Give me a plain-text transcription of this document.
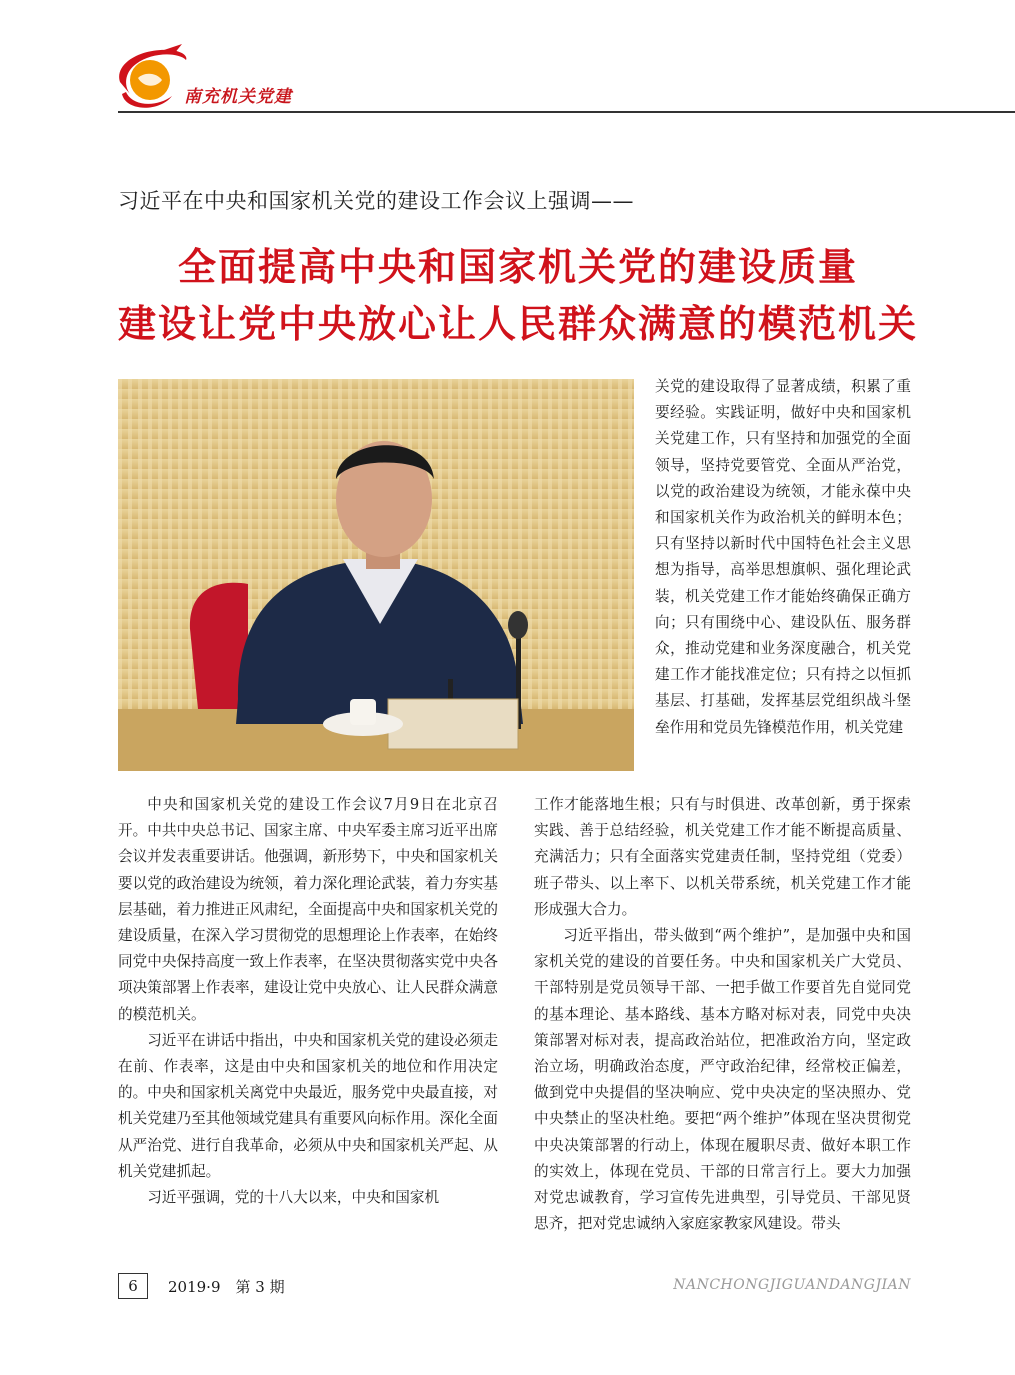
南充机关党建
习近平在中央和国家机关党的建设工作会议上强调——
全面提高中央和国家机关党的建设质量
建设让党中央放心让人民群众满意的模范机关

关党的建设取得了显著成绩，积累了重要经验。实践证明，做好中央和国家机关党建工作，只有坚持和加强党的全面领导，坚持党要管党、全面从严治党，以党的政治建设为统领，才能永葆中央和国家机关作为政治机关的鲜明本色；只有坚持以新时代中国特色社会主义思想为指导，高举思想旗帜、强化理论武装，机关党建工作才能始终确保正确方向；只有围绕中心、建设队伍、服务群众，推动党建和业务深度融合，机关党建工作才能找准定位；只有持之以恒抓基层、打基础，发挥基层党组织战斗堡垒作用和党员先锋模范作用，机关党建

中央和国家机关党的建设工作会议7月9日在北京召开。中共中央总书记、国家主席、中央军委主席习近平出席会议并发表重要讲话。他强调，新形势下，中央和国家机关要以党的政治建设为统领，着力深化理论武装，着力夯实基层基础，着力推进正风肃纪，全面提高中央和国家机关党的建设质量，在深入学习贯彻党的思想理论上作表率，在始终同党中央保持高度一致上作表率，在坚决贯彻落实党中央各项决策部署上作表率，建设让党中央放心、让人民群众满意的模范机关。

习近平在讲话中指出，中央和国家机关党的建设必须走在前、作表率，这是由中央和国家机关的地位和作用决定的。中央和国家机关离党中央最近，服务党中央最直接，对机关党建乃至其他领域党建具有重要风向标作用。深化全面从严治党、进行自我革命，必须从中央和国家机关严起、从机关党建抓起。

习近平强调，党的十八大以来，中央和国家机

工作才能落地生根；只有与时俱进、改革创新，勇于探索实践、善于总结经验，机关党建工作才能不断提高质量、充满活力；只有全面落实党建责任制，坚持党组（党委）班子带头、以上率下、以机关带系统，机关党建工作才能形成强大合力。

习近平指出，带头做到“两个维护”，是加强中央和国家机关党的建设的首要任务。中央和国家机关广大党员、干部特别是党员领导干部、一把手做工作要首先自觉同党的基本理论、基本路线、基本方略对标对表，同党中央决策部署对标对表，提高政治站位，把准政治方向，坚定政治立场，明确政治态度，严守政治纪律，经常校正偏差，做到党中央提倡的坚决响应、党中央决定的坚决照办、党中央禁止的坚决杜绝。要把“两个维护”体现在坚决贯彻党中央决策部署的行动上，体现在履职尽责、做好本职工作的实效上，体现在党员、干部的日常言行上。要大力加强对党忠诚教育，学习宣传先进典型，引导党员、干部见贤思齐，把对党忠诚纳入家庭家教家风建设。带头

6	2019·9　第 3 期	NANCHONGJIGUANDANGJIAN
